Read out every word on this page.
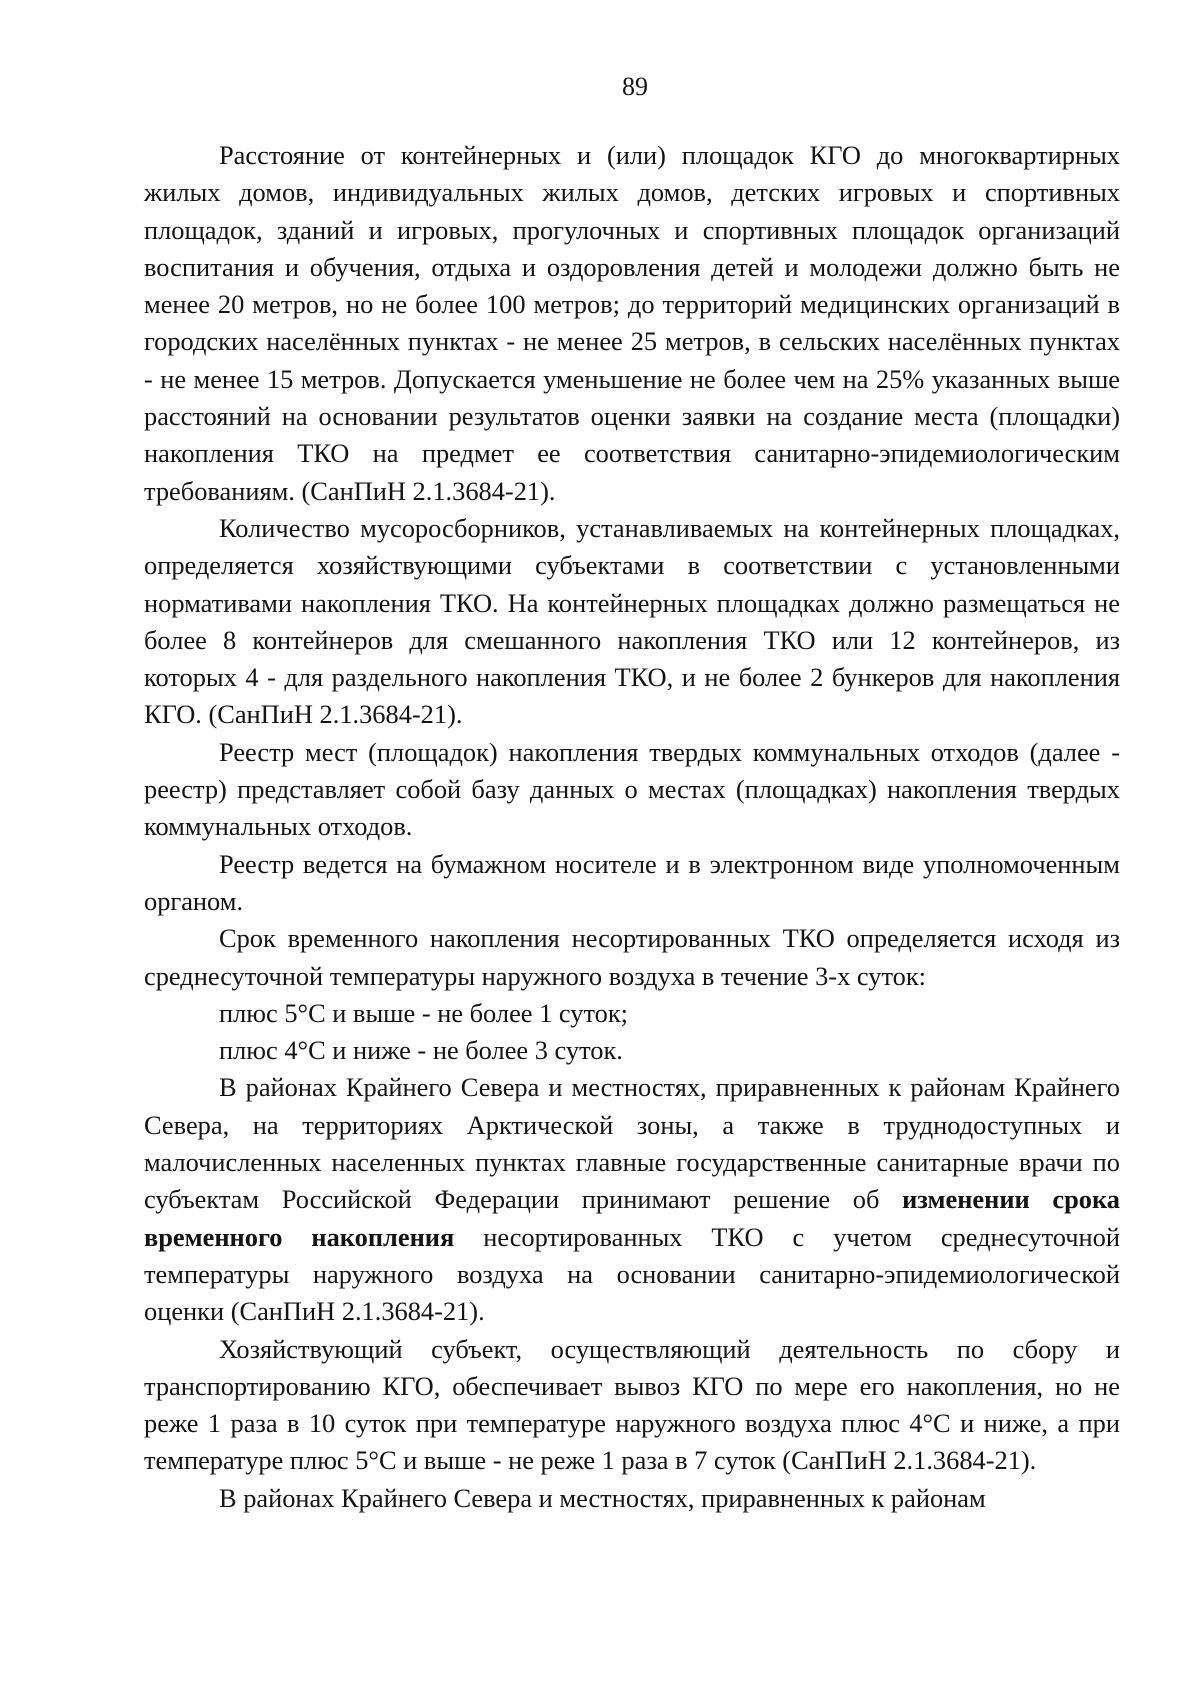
89

Расстояние от контейнерных и (или) площадок КГО до многоквартирных жилых домов, индивидуальных жилых домов, детских игровых и спортивных площадок, зданий и игровых, прогулочных и спортивных площадок организаций воспитания и обучения, отдыха и оздоровления детей и молодежи должно быть не менее 20 метров, но не более 100 метров; до территорий медицинских организаций в городских населённых пунктах - не менее 25 метров, в сельских населённых пунктах - не менее 15 метров. Допускается уменьшение не более чем на 25% указанных выше расстояний на основании результатов оценки заявки на создание места (площадки) накопления ТКО на предмет ее соответствия санитарно-эпидемиологическим требованиям. (СанПиН 2.1.3684-21).

Количество мусоросборников, устанавливаемых на контейнерных площадках, определяется хозяйствующими субъектами в соответствии с установленными нормативами накопления ТКО. На контейнерных площадках должно размещаться не более 8 контейнеров для смешанного накопления ТКО или 12 контейнеров, из которых 4 - для раздельного накопления ТКО, и не более 2 бункеров для накопления КГО. (СанПиН 2.1.3684-21).

Реестр мест (площадок) накопления твердых коммунальных отходов (далее - реестр) представляет собой базу данных о местах (площадках) накопления твердых коммунальных отходов.

Реестр ведется на бумажном носителе и в электронном виде уполномоченным органом.

Срок временного накопления несортированных ТКО определяется исходя из среднесуточной температуры наружного воздуха в течение 3-х суток:

плюс 5°С и выше - не более 1 суток;

плюс 4°С и ниже - не более 3 суток.

В районах Крайнего Севера и местностях, приравненных к районам Крайнего Севера, на территориях Арктической зоны, а также в труднодоступных и малочисленных населенных пунктах главные государственные санитарные врачи по субъектам Российской Федерации принимают решение об изменении срока временного накопления несортированных ТКО с учетом среднесуточной температуры наружного воздуха на основании санитарно-эпидемиологической оценки (СанПиН 2.1.3684-21).

Хозяйствующий субъект, осуществляющий деятельность по сбору и транспортированию КГО, обеспечивает вывоз КГО по мере его накопления, но не реже 1 раза в 10 суток при температуре наружного воздуха плюс 4°С и ниже, а при температуре плюс 5°С и выше - не реже 1 раза в 7 суток (СанПиН 2.1.3684-21).

В районах Крайнего Севера и местностях, приравненных к районам
